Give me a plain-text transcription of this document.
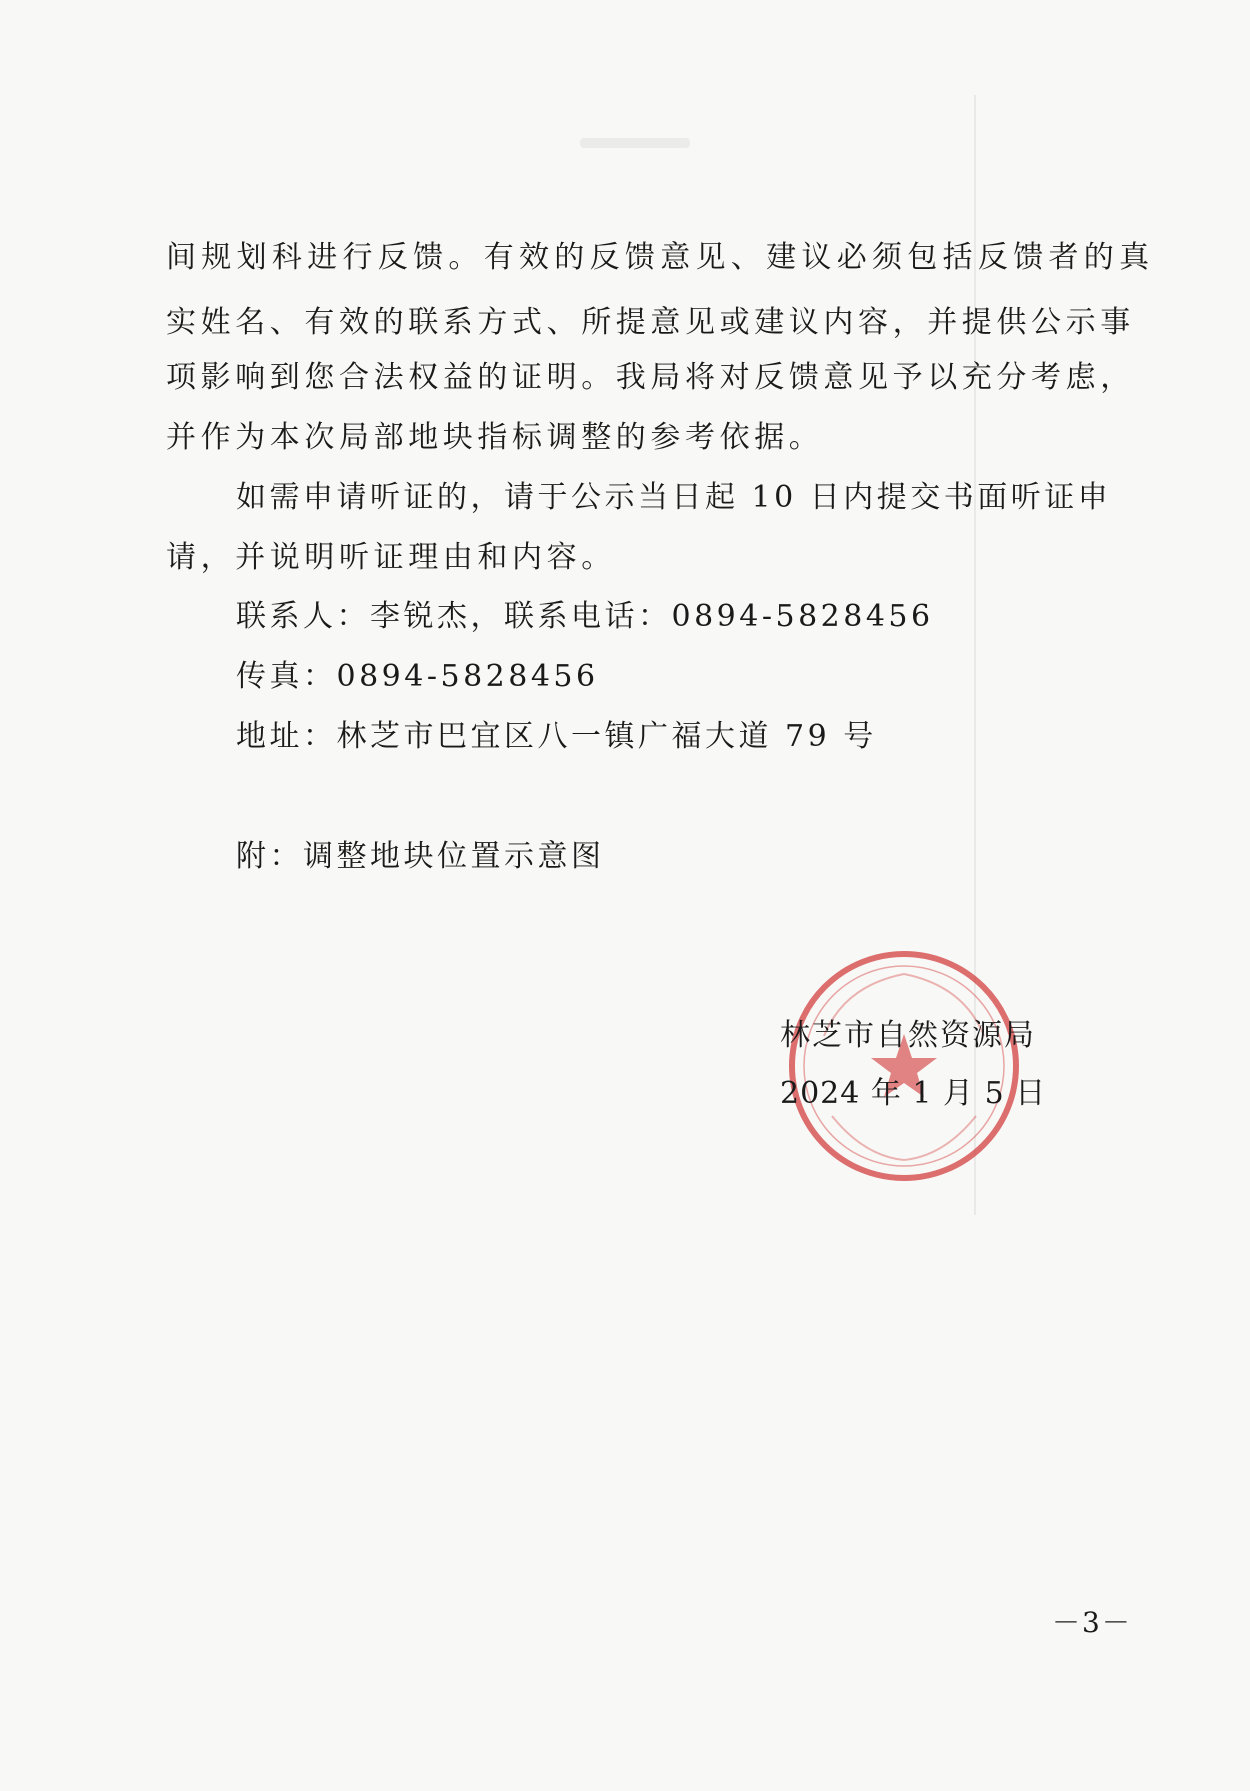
间规划科进行反馈。有效的反馈意见、建议必须包括反馈者的真
实姓名、有效的联系方式、所提意见或建议内容，并提供公示事
项影响到您合法权益的证明。我局将对反馈意见予以充分考虑，
并作为本次局部地块指标调整的参考依据。
如需申请听证的，请于公示当日起 10 日内提交书面听证申
请，并说明听证理由和内容。
联系人：李锐杰，联系电话：0894-5828456
传真：0894-5828456
地址：林芝市巴宜区八一镇广福大道 79 号
附：调整地块位置示意图
林芝市自然资源局
2024 年 1 月 5 日
－3－
